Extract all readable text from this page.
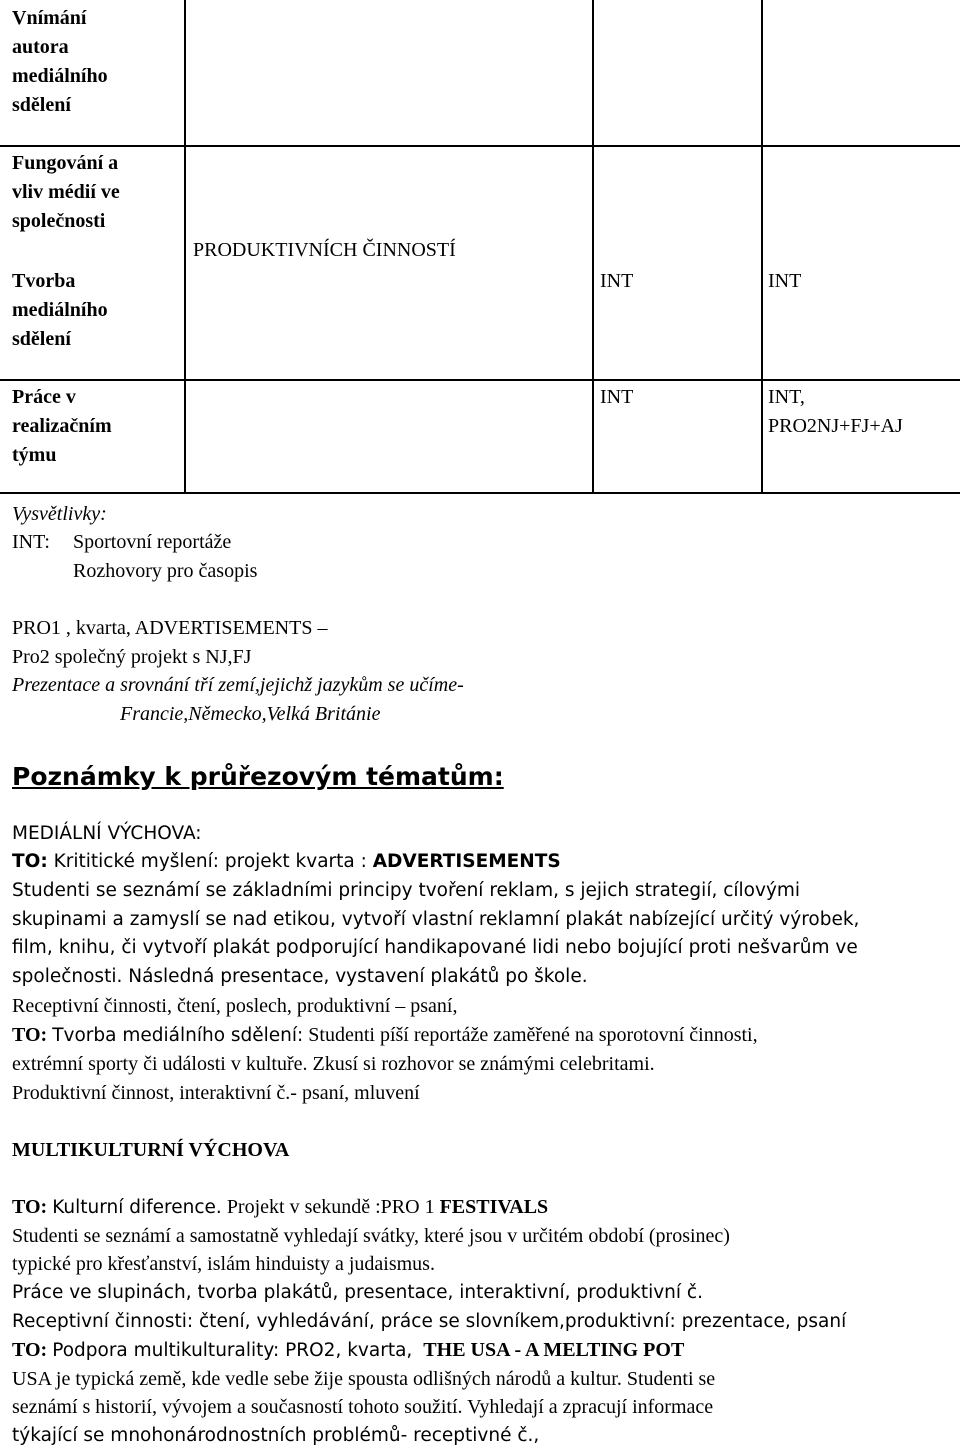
Vnímání
autora
mediálního
sdělení
Fungování a
vliv médií ve
společnosti
PRODUKTIVNÍCH ČINNOSTÍ
Tvorba
mediálního
sdělení
INT	INT
Práce v
realizačním
týmu
INT	INT,
PRO2NJ+FJ+AJ
Vysvětlivky:
INT: Sportovní reportáže
Rozhovory pro časopis
PRO1 , kvarta, ADVERTISEMENTS –
Pro2 společný projekt s NJ,FJ
Prezentace a srovnání tří zemí,jejichž jazykům se učíme-
Francie,Německo,Velká Británie
Poznámky k průřezovým tématům:
MEDIÁLNÍ VÝCHOVA:
TO: Krititické myšlení: projekt kvarta : ADVERTISEMENTS
Studenti se seznámí se základními principy tvoření reklam, s jejich strategií, cílovými
skupinami a zamyslí se nad etikou, vytvoří vlastní reklamní plakát nabízející určitý výrobek,
film, knihu, či vytvoří plakát podporující handikapované lidi nebo bojující proti nešvarům ve
společnosti. Následná presentace, vystavení plakátů po škole.
Receptivní činnosti, čtení, poslech, produktivní – psaní,
TO: Tvorba mediálního sdělení: Studenti píší reportáže zaměřené na sporotovní činnosti,
extrémní sporty či události v kultuře. Zkusí si rozhovor se známými celebritami.
Produktivní činnost, interaktivní č.- psaní, mluvení
MULTIKULTURNÍ VÝCHOVA
TO: Kulturní diference. Projekt v sekundě :PRO 1 FESTIVALS
Studenti se seznámí a samostatně vyhledají svátky, které jsou v určitém období (prosinec)
typické pro křesťanství, islám hinduisty a judaismus.
Práce ve slupinách, tvorba plakátů, presentace, interaktivní, produktivní č.
Receptivní činnosti: čtení, vyhledávání, práce se slovníkem,produktivní: prezentace, psaní
TO: Podpora multikulturality: PRO2, kvarta, THE USA - A MELTING POT
USA je typická země, kde vedle sebe žije spousta odlišných národů a kultur. Studenti se
seznámí s historií, vývojem a současností tohoto soužití. Vyhledají a zpracují informace
týkající se mnohonárodnostních problémů- receptivné č.,
